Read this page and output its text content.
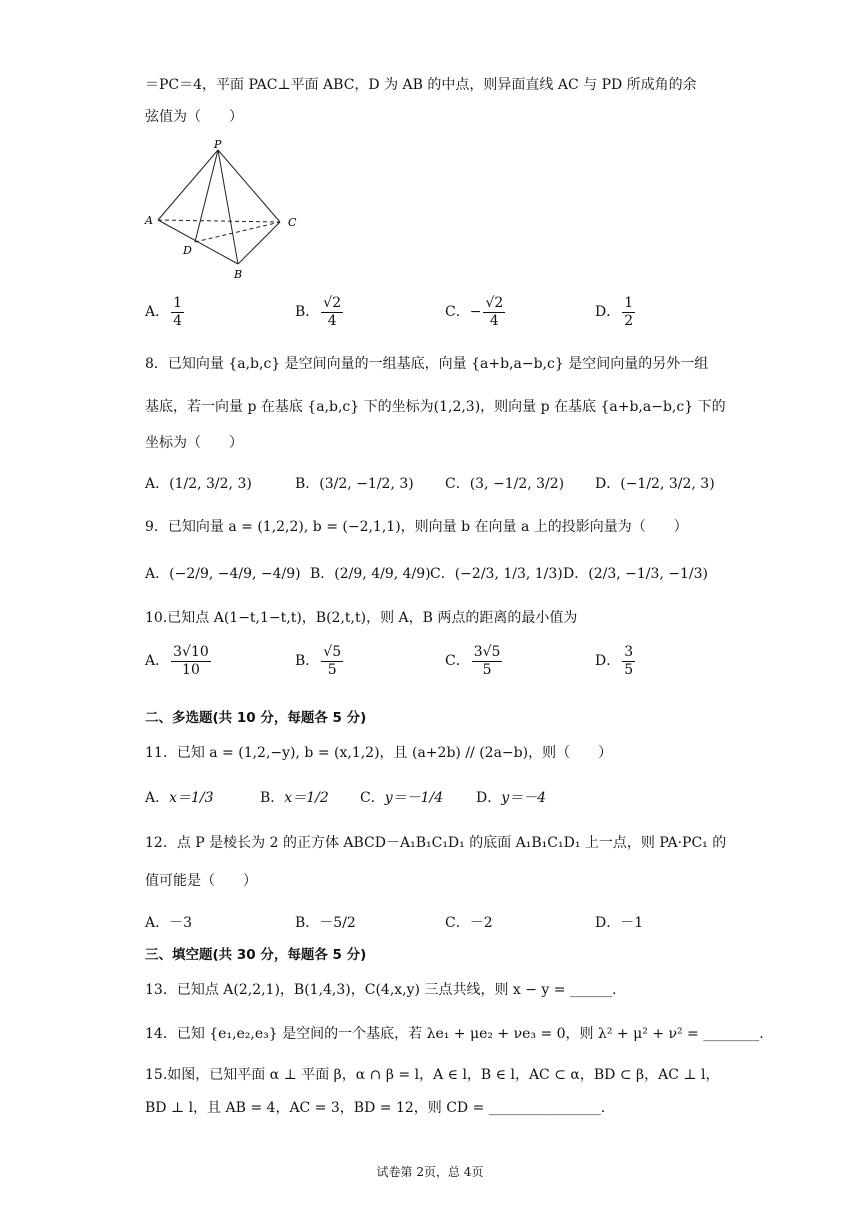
＝PC＝4，平面 PAC⊥平面 ABC，D 为 AB 的中点，则异面直线 AC 与 PD 所成角的余
弦值为（　　）
P
A	C
D
B
A． $\frac{1}{4}$	B． $\frac{√2}{4}$	C．− $\frac{√2}{4}$	D． $\frac{1}{2}$
8．已知向量 {a,b,c} 是空间向量的一组基底，向量 {a+b,a−b,c} 是空间向量的另外一组
基底，若一向量 p 在基底 {a,b,c} 下的坐标为(1,2,3)，则向量 p 在基底 {a+b,a−b,c} 下的
坐标为（　　）
A．(1/2, 3/2, 3)	B．(3/2, −1/2, 3) C．(3, −1/2, 3/2) D．(−1/2, 3/2, 3)
9．已知向量 a = (1,2,2), b = (−2,1,1)，则向量 b 在向量 a 上的投影向量为（　　）
A．(−2/9, −4/9, −4/9) B．(2/9, 4/9, 4/9) C．(−2/3, 1/3, 1/3) D．(2/3, −1/3, −1/3)
10.已知点 A(1−t,1−t,t)，B(2,t,t)，则 A，B 两点的距离的最小值为
A． $\frac{3√10}{10}$	B． $\frac{√5}{5}$	C． $\frac{3√5}{5}$	D． $\frac{3}{5}$
二、多选题(共 10 分，每题各 5 分)
11．已知 a = (1,2,−y), b = (x,1,2)，且 (a+2b) // (2a−b)，则（　　）
A．x＝1/3	B．x＝1/2 C．y＝－1/4 D．y＝－4
12．点 P 是棱长为 2 的正方体 ABCD－A₁B₁C₁D₁ 的底面 A₁B₁C₁D₁ 上一点，则 PA·PC₁ 的
值可能是（　　）
A．－3	B．－5/2	C．－2	D．－1
三、填空题(共 30 分，每题各 5 分)
13．已知点 A(2,2,1)，B(1,4,3)，C(4,x,y) 三点共线，则 x − y = ______.
14．已知 {e₁,e₂,e₃} 是空间的一个基底，若 λe₁ + μe₂ + νe₃ = 0，则 λ² + μ² + ν² = ________.
15.如图，已知平面 α ⊥ 平面 β，α ∩ β = l，A ∈ l，B ∈ l，AC ⊂ α，BD ⊂ β，AC ⊥ l，
BD ⊥ l，且 AB = 4，AC = 3，BD = 12，则 CD = ________________.
试卷第 2页，总 4页
